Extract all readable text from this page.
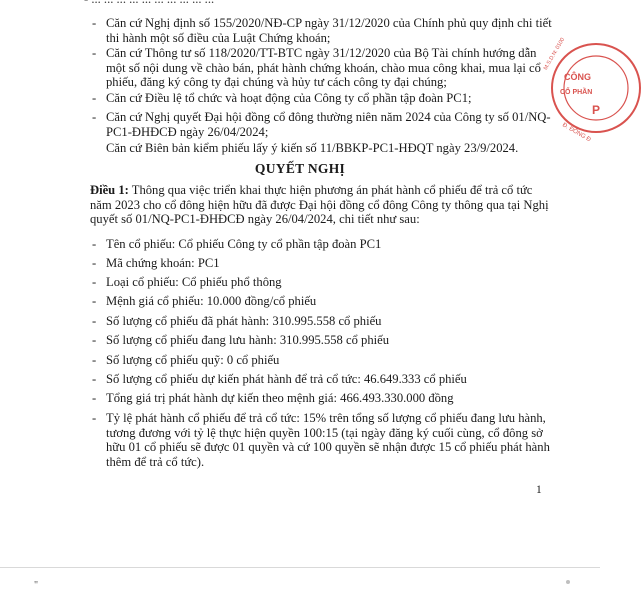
- Căn cứ Nghị định số 155/2020/NĐ-CP ngày 31/12/2020 của Chính phủ quy định chi tiết thi hành một số điều của Luật Chứng khoán;

- Căn cứ Thông tư số 118/2020/TT-BTC ngày 31/12/2020 của Bộ Tài chính hướng dẫn một số nội dung về chào bán, phát hành chứng khoán, chào mua công khai, mua lại cổ phiếu, đăng ký công ty đại chúng và hủy tư cách công ty đại chúng;

- Căn cứ Điều lệ tổ chức và hoạt động của Công ty cổ phần tập đoàn PC1;

- Căn cứ Nghị quyết Đại hội đồng cổ đông thường niên năm 2024 của Công ty số 01/NQ-PC1-ĐHĐCĐ ngày 26/04/2024;

Căn cứ Biên bản kiểm phiếu lấy ý kiến số 11/BBKP-PC1-HĐQT ngày 23/9/2024.

QUYẾT NGHỊ

Điều 1: Thông qua việc triển khai thực hiện phương án phát hành cổ phiếu để trả cổ tức năm 2023 cho cổ đông hiện hữu đã được Đại hội đồng cổ đông Công ty thông qua tại Nghị quyết số 01/NQ-PC1-ĐHĐCĐ ngày 26/04/2024, chi tiết như sau:

- Tên cổ phiếu: Cổ phiếu Công ty cổ phần tập đoàn PC1

- Mã chứng khoán: PC1

- Loại cổ phiếu: Cổ phiếu phổ thông

- Mệnh giá cổ phiếu: 10.000 đồng/cổ phiếu

- Số lượng cổ phiếu đã phát hành: 310.995.558 cổ phiếu

- Số lượng cổ phiếu đang lưu hành: 310.995.558 cổ phiếu

- Số lượng cổ phiếu quỹ: 0 cổ phiếu

- Số lượng cổ phiếu dự kiến phát hành để trả cổ tức: 46.649.333 cổ phiếu

- Tổng giá trị phát hành dự kiến theo mệnh giá: 466.493.330.000 đồng

- Tỷ lệ phát hành cổ phiếu để trả cổ tức: 15% trên tổng số lượng cổ phiếu đang lưu hành, tương đương với tỷ lệ thực hiện quyền 100:15 (tại ngày đăng ký cuối cùng, cổ đông sở hữu 01 cổ phiếu sẽ được 01 quyền và cứ 100 quyền sẽ nhận được 15 cổ phiếu phát hành thêm để trả cổ tức).

1
CÔNG
CỔ PHẦN
P
M.S.D.N: 0100
Đ. ĐỐNG Đ
"
